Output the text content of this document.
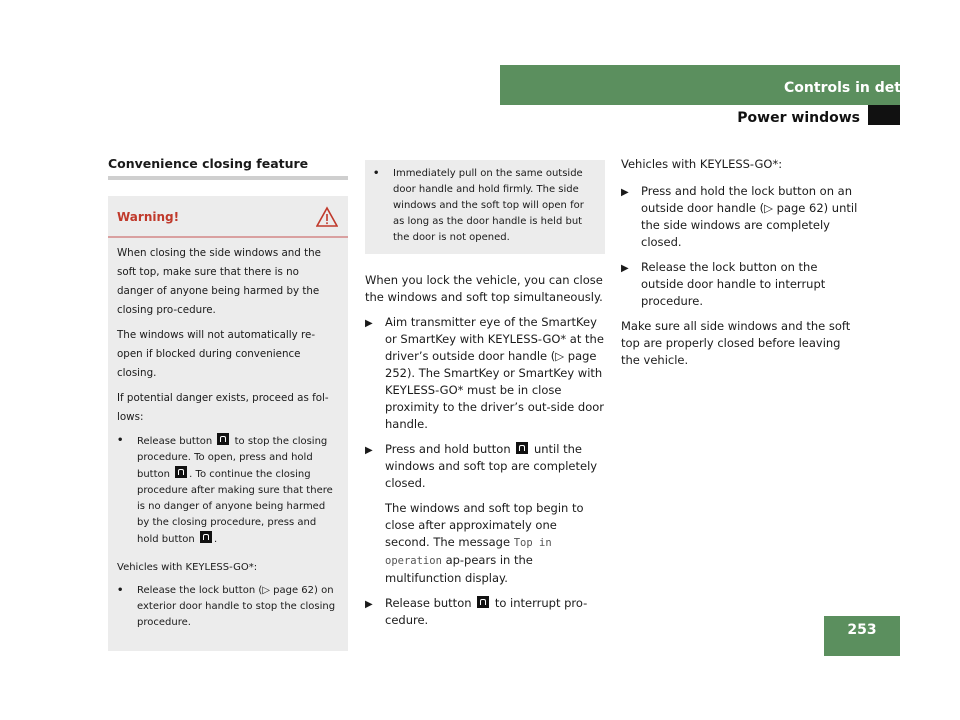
Controls in detail
Power windows
Convenience closing feature
Warning!

When closing the side windows and the soft top, make sure that there is no danger of anyone being harmed by the closing pro-cedure.

The windows will not automatically re-open if blocked during convenience closing.

If potential danger exists, proceed as fol-lows:

•	Release button to stop the closing procedure. To open, press and hold button . To continue the closing procedure after making sure that there is no danger of anyone being harmed by the closing procedure, press and hold button .

Vehicles with KEYLESS-GO*:

•	Release the lock button (▷ page 62) on exterior door handle to stop the closing procedure.
•	Immediately pull on the same outside door handle and hold firmly. The side windows and the soft top will open for as long as the door handle is held but the door is not opened.

When you lock the vehicle, you can close the windows and soft top simultaneously.

▶	Aim transmitter eye of the SmartKey or SmartKey with KEYLESS-GO* at the driver’s outside door handle (▷ page 252). The SmartKey or SmartKey with KEYLESS-GO* must be in close proximity to the driver’s out-side door handle.
▶	Press and hold button until the windows and soft top are completely closed.
The windows and soft top begin to close after approximately one second. The message Top in operation ap-pears in the multifunction display.
▶	Release button to interrupt pro-cedure.

Vehicles with KEYLESS-GO*:

▶	Press and hold the lock button on an outside door handle (▷ page 62) until the side windows are completely closed.
▶	Release the lock button on the outside door handle to interrupt procedure.

Make sure all side windows and the soft top are properly closed before leaving the vehicle.

253
